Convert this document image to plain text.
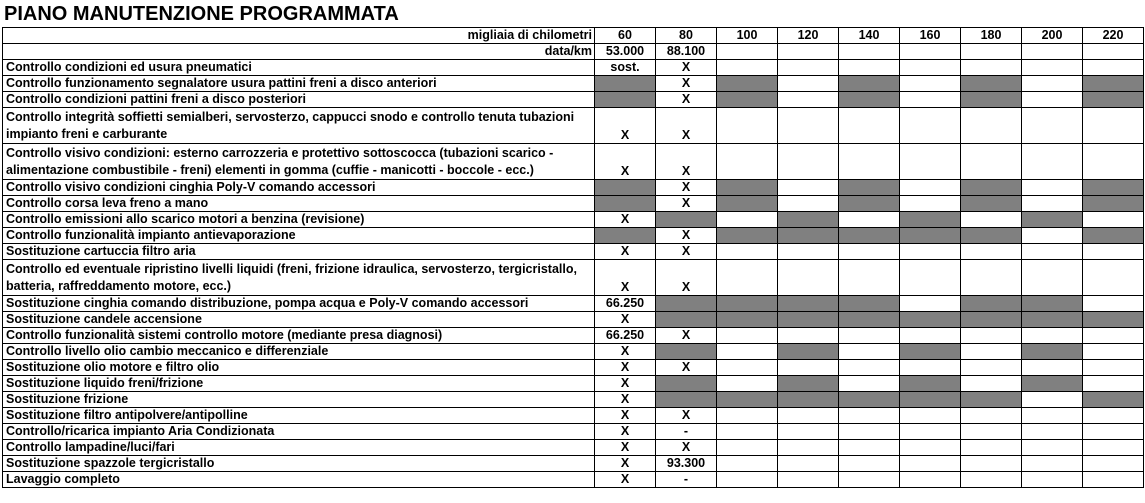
PIANO MANUTENZIONE PROGRAMMATA
migliaia di chilometri	60	80	100	120	140	160	180	200	220
data/km	53.000	88.100							
Controllo condizioni ed usura pneumatici	sost.	X							
Controllo funzionamento segnalatore usura pattini freni a disco anteriori		X							
Controllo condizioni pattini freni a disco posteriori		X							
Controllo integrità soffietti semialberi, servosterzo, cappucci snodo e controllo tenuta tubazioni impianto freni e carburante	X	X							
Controllo visivo condizioni: esterno carrozzeria e protettivo sottoscocca (tubazioni scarico - alimentazione combustibile - freni) elementi in gomma (cuffie - manicotti - boccole - ecc.)	X	X							
Controllo visivo condizioni cinghia Poly-V comando accessori		X							
Controllo corsa leva freno a mano		X							
Controllo emissioni allo scarico motori a benzina (revisione)	X								
Controllo funzionalità impianto antievaporazione		X							
Sostituzione cartuccia filtro aria	X	X							
Controllo ed eventuale ripristino livelli liquidi (freni, frizione idraulica, servosterzo, tergicristallo, batteria, raffreddamento motore, ecc.)	X	X							
Sostituzione cinghia comando distribuzione, pompa acqua e Poly-V comando accessori	66.250								
Sostituzione candele accensione	X								
Controllo funzionalità sistemi controllo motore (mediante presa diagnosi)	66.250	X							
Controllo livello olio cambio meccanico e differenziale	X								
Sostituzione olio motore e filtro olio	X	X							
Sostituzione liquido freni/frizione	X								
Sostituzione frizione	X								
Sostituzione filtro antipolvere/antipolline	X	X							
Controllo/ricarica impianto Aria Condizionata	X	-							
Controllo lampadine/luci/fari	X	X							
Sostituzione spazzole tergicristallo	X	93.300							
Lavaggio completo	X	-							
